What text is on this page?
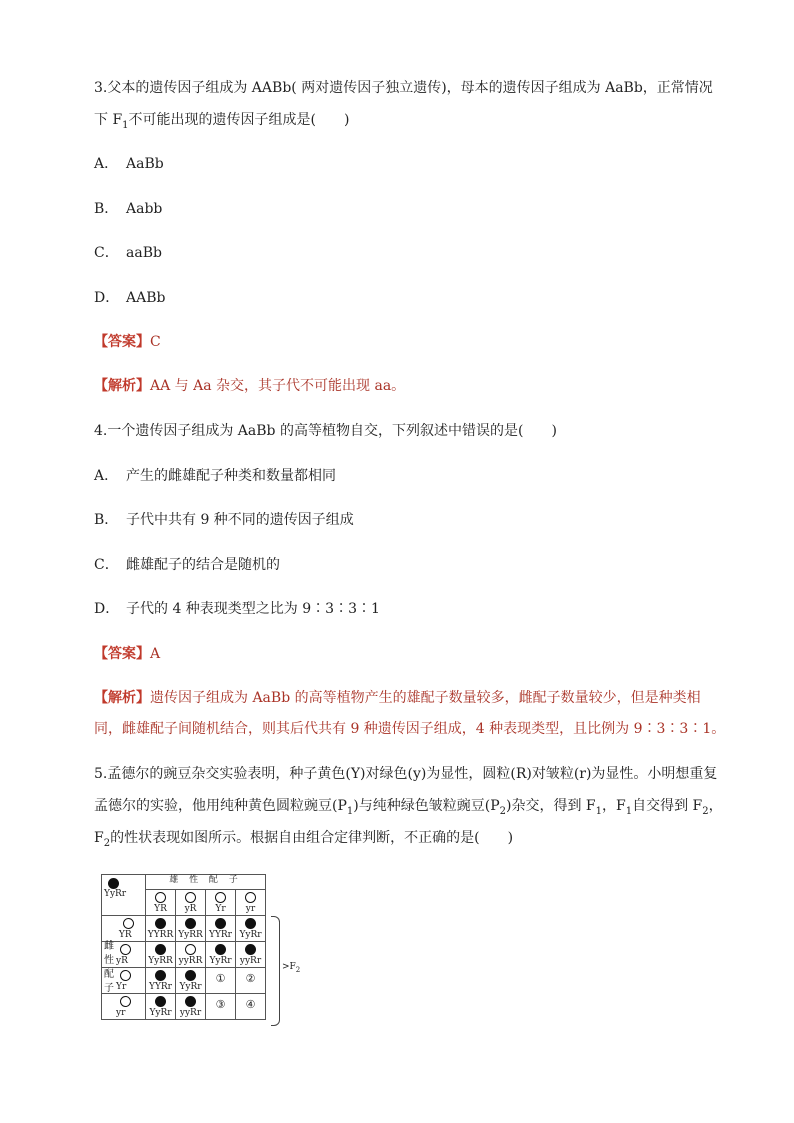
3.父本的遗传因子组成为 AABb( 两对遗传因子独立遗传)，母本的遗传因子组成为 AaBb，正常情况
下 $F_1$不可能出现的遗传因子组成是( )
A． AaBb
B． Aabb
C． aaBb
D． AABb
【答案】C
【解析】AA 与 Aa 杂交，其子代不可能出现 aa。
4.一个遗传因子组成为 AaBb 的高等植物自交，下列叙述中错误的是( )
A． 产生的雌雄配子种类和数量都相同
B． 子代中共有 9 种不同的遗传因子组成
C． 雌雄配子的结合是随机的
D． 子代的 4 种表现类型之比为 9∶3∶3∶1
【答案】A
【解析】遗传因子组成为 AaBb 的高等植物产生的雄配子数量较多，雌配子数量较少，但是种类相
同，雌雄配子间随机结合，则其后代共有 9 种遗传因子组成，4 种表现类型，且比例为 9∶3∶3∶1。
5.孟德尔的豌豆杂交实验表明，种子黄色(Y)对绿色(y)为显性，圆粒(R)对皱粒(r)为显性。小明想重复
孟德尔的实验，他用纯种黄色圆粒豌豆$(P_1)$与纯种绿色皱粒豌豆$(P_2)$杂交，得到 $F_1$，$F_1$自交得到 $F_2$，
$F_2$的性状表现如图所示。根据自由组合定律判断，不正确的是( )
YyRr	雄 性 配 子			

	YR	yR	Yr	yr

YR	YYRR	YyRR	YYRr	YyRr

yR	YyRR	yyRR	YyRr	yyRr

Yr	YYRr	YyRr	①	②

yr	YyRr	yyRr	③	④
雌性配子
$>F_2$
